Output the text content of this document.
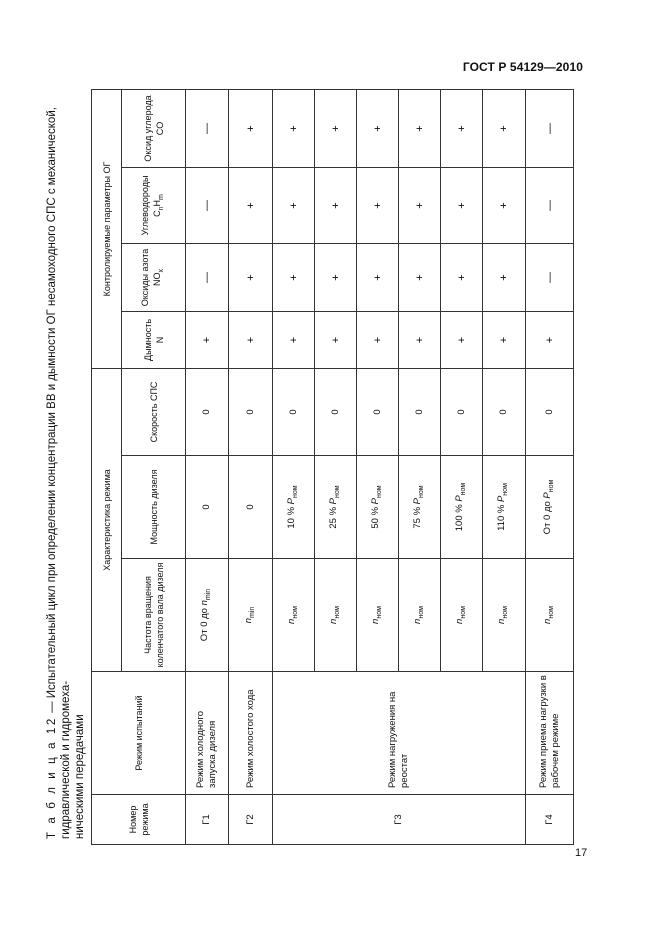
ГОСТ Р 54129—2010
Т а б л и ц а 12 — Испытательный цикл при определении концентрации ВВ и дымности ОГ несамоходного СПС с механической, гидравлической и гидромеха- ническими передачами	Номер режима	Режим испытаний	Характеристика режима			Контролируемые параметры ОГ			
		Частота вращения коленчатого вала дизеля	Мощность дизеля	Скорость СПС	Дымность N	Оксиды азота $NO_x$	Углеводороды $C_nH_m$	Оксид углерода CO
Г1	Режим холодного запуска дизеля	От 0 до $n_{min}$	0	0	+	—	—	—
Г2	Режим холостого хода	$n_{min}$	0	0	+	+	+	+
Г3	Режим нагружения на реостат	$n_{ном}$	10 % $P_{ном}$	0	+	+	+	+
		$n_{ном}$	25 % $P_{ном}$	0	+	+	+	+
		$n_{ном}$	50 % $P_{ном}$	0	+	+	+	+
		$n_{ном}$	75 % $P_{ном}$	0	+	+	+	+
		$n_{ном}$	100 % $P_{ном}$	0	+	+	+	+
		$n_{ном}$	110 % $P_{ном}$	0	+	+	+	+
Г4	Режим приема нагрузки в рабочем режиме	$n_{ном}$	От 0 до $P_{ном}$	0	+	—	—	—
17
